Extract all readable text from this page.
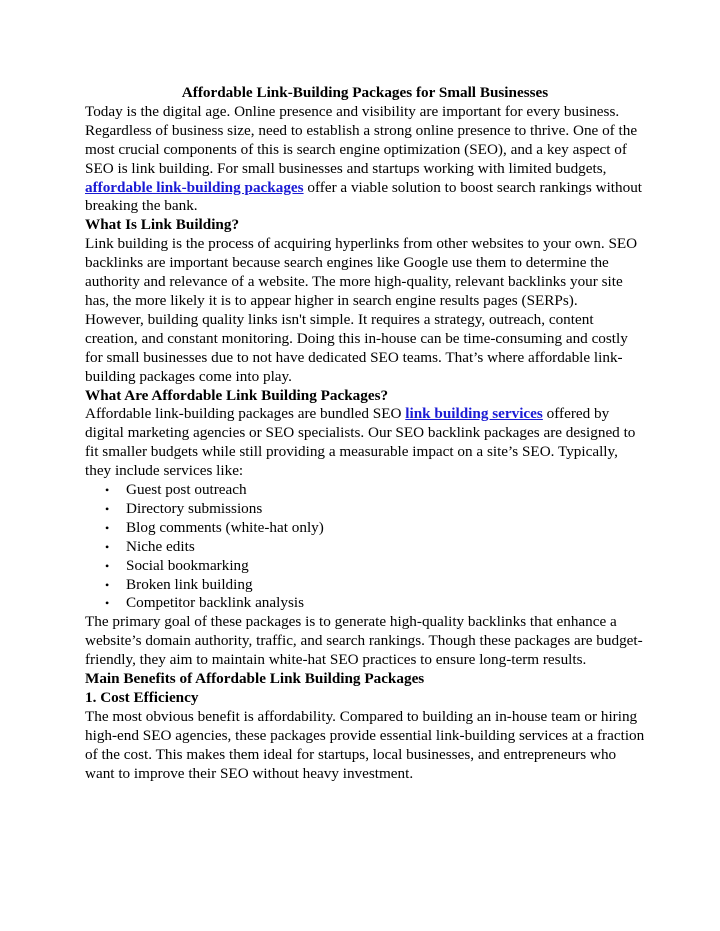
Affordable Link-Building Packages for Small Businesses

Today is the digital age. Online presence and visibility are important for every business. Regardless of business size, need to establish a strong online presence to thrive. One of the most crucial components of this is search engine optimization (SEO), and a key aspect of SEO is link building. For small businesses and startups working with limited budgets, affordable link-building packages offer a viable solution to boost search rankings without breaking the bank.

What Is Link Building?

Link building is the process of acquiring hyperlinks from other websites to your own. SEO backlinks are important because search engines like Google use them to determine the authority and relevance of a website. The more high-quality, relevant backlinks your site has, the more likely it is to appear higher in search engine results pages (SERPs).

However, building quality links isn't simple. It requires a strategy, outreach, content creation, and constant monitoring. Doing this in-house can be time-consuming and costly for small businesses due to not have dedicated SEO teams. That’s where affordable link-building packages come into play.

What Are Affordable Link Building Packages?

Affordable link-building packages are bundled SEO link building services offered by digital marketing agencies or SEO specialists. Our SEO backlink packages are designed to fit smaller budgets while still providing a measurable impact on a site’s SEO. Typically, they include services like:

• Guest post outreach
• Directory submissions
• Blog comments (white-hat only)
• Niche edits
• Social bookmarking
• Broken link building
• Competitor backlink analysis

The primary goal of these packages is to generate high-quality backlinks that enhance a website’s domain authority, traffic, and search rankings. Though these packages are budget-friendly, they aim to maintain white-hat SEO practices to ensure long-term results.

Main Benefits of Affordable Link Building Packages

1. Cost Efficiency

The most obvious benefit is affordability. Compared to building an in-house team or hiring high-end SEO agencies, these packages provide essential link-building services at a fraction of the cost. This makes them ideal for startups, local businesses, and entrepreneurs who want to improve their SEO without heavy investment.
